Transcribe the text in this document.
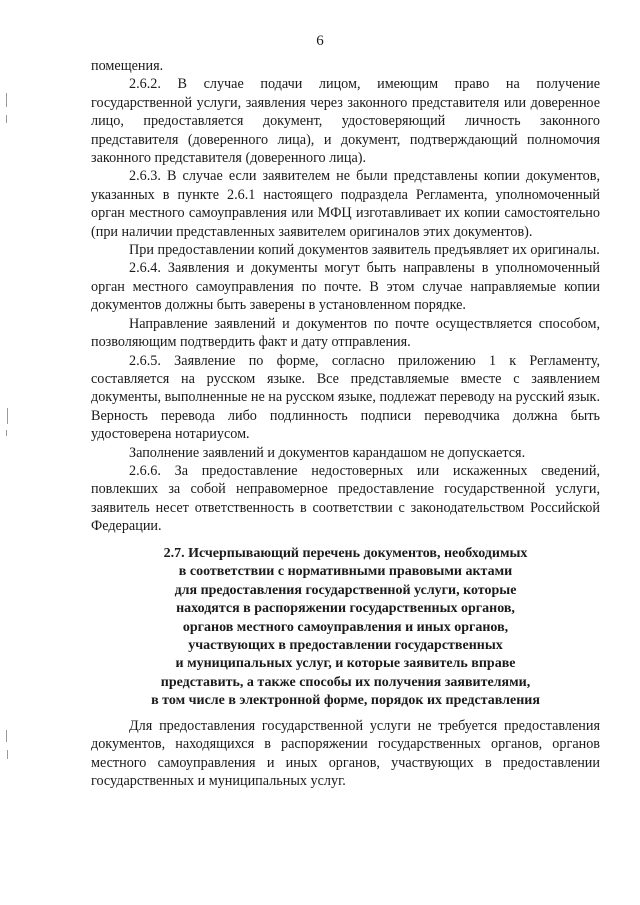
6

помещения.

2.6.2. В случае подачи лицом, имеющим право на получение государственной услуги, заявления через законного представителя или доверенное лицо, предоставляется документ, удостоверяющий личность законного представителя (доверенного лица), и документ, подтверждающий полномочия законного представителя (доверенного лица).

2.6.3. В случае если заявителем не были представлены копии документов, указанных в пункте 2.6.1 настоящего подраздела Регламента, уполномоченный орган местного самоуправления или МФЦ изготавливает их копии самостоятельно (при наличии представленных заявителем оригиналов этих документов).

При предоставлении копий документов заявитель предъявляет их оригиналы.

2.6.4. Заявления и документы могут быть направлены в уполномоченный орган местного самоуправления по почте. В этом случае направляемые копии документов должны быть заверены в установленном порядке.

Направление заявлений и документов по почте осуществляется способом, позволяющим подтвердить факт и дату отправления.

2.6.5. Заявление по форме, согласно приложению 1 к Регламенту, составляется на русском языке. Все представляемые вместе с заявлением документы, выполненные не на русском языке, подлежат переводу на русский язык. Верность перевода либо подлинность подписи переводчика должна быть удостоверена нотариусом.

Заполнение заявлений и документов карандашом не допускается.

2.6.6. За предоставление недостоверных или искаженных сведений, повлекших за собой неправомерное предоставление государственной услуги, заявитель несет ответственность в соответствии с законодательством Российской Федерации.

2.7. Исчерпывающий перечень документов, необходимых
в соответствии с нормативными правовыми актами
для предоставления государственной услуги, которые
находятся в распоряжении государственных органов,
органов местного самоуправления и иных органов,
участвующих в предоставлении государственных
и муниципальных услуг, и которые заявитель вправе
представить, а также способы их получения заявителями,
в том числе в электронной форме, порядок их представления

Для предоставления государственной услуги не требуется предоставления документов, находящихся в распоряжении государственных органов, органов местного самоуправления и иных органов, участвующих в предоставлении государственных и муниципальных услуг.
